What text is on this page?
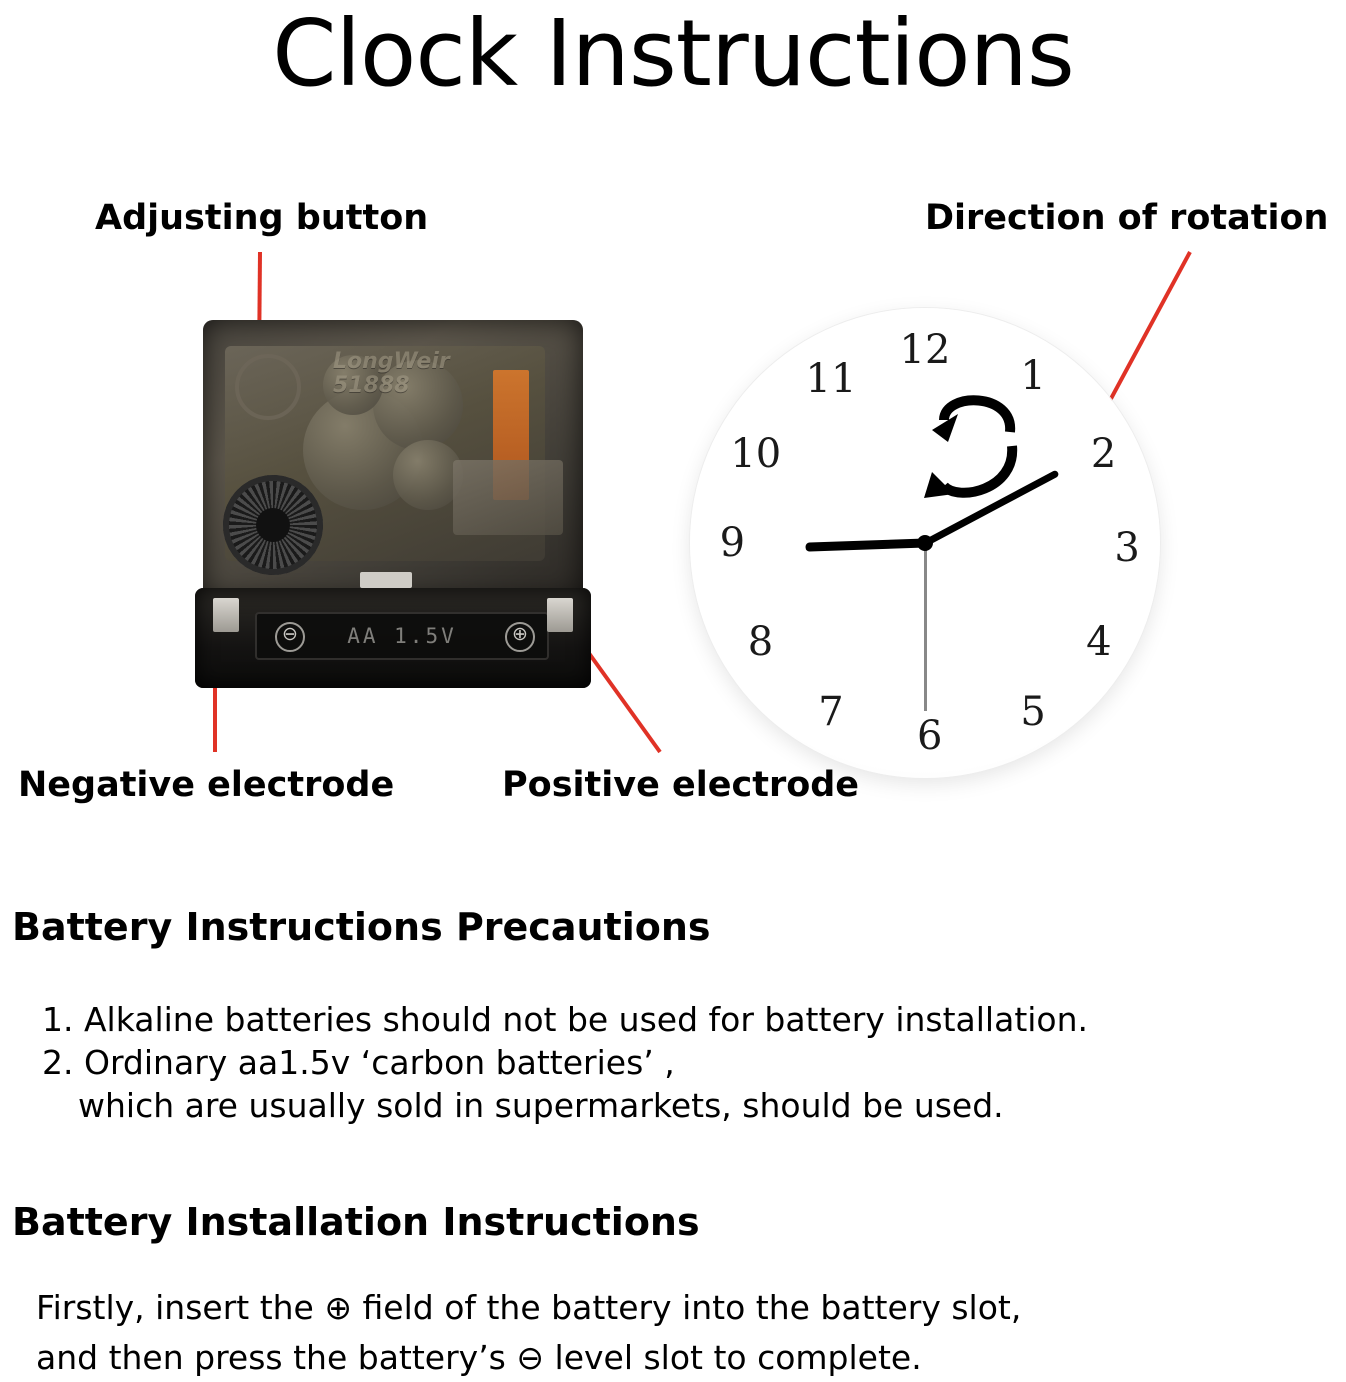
Clock Instructions
Adjusting button	Direction of rotation
Negative electrode	Positive electrode
LongWeir
51888
AA 1.5V
⊖	⊕
12
1
2
3
4
5
6
7
8
9
10
11
Battery Instructions Precautions
1. Alkaline batteries should not be used for battery installation.
2. Ordinary aa1.5v ‘carbon batteries’ ,
which are usually sold in supermarkets, should be used.
Battery Installation Instructions
Firstly, insert the ⊕ field of the battery into the battery slot,
and then press the battery’s ⊖ level slot to complete.
